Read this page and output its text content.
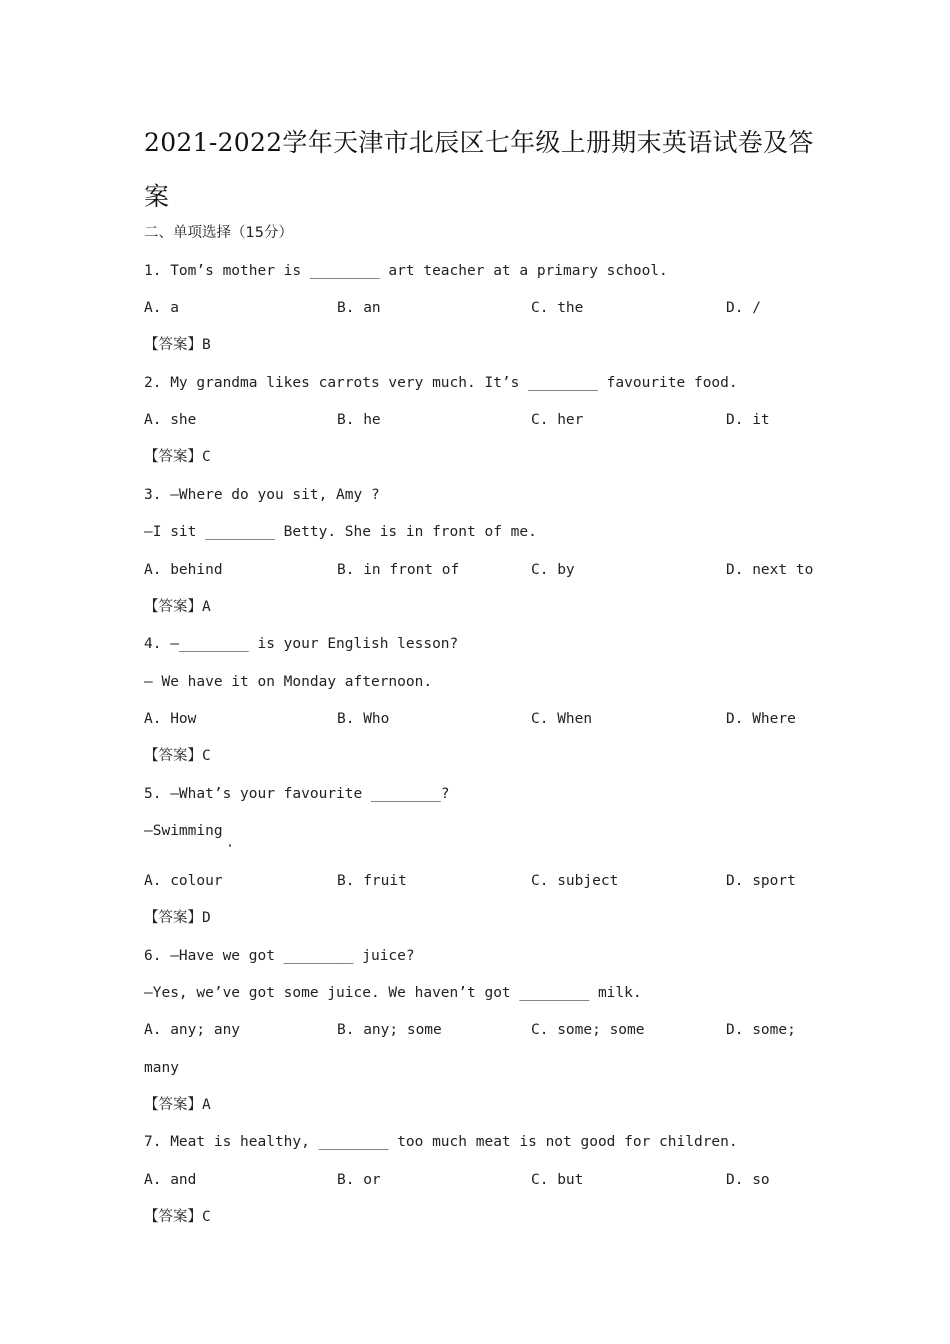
2021-2022学年天津市北辰区七年级上册期末英语试卷及答案
二、单项选择（15分）
1. Tom’s mother is ________ art teacher at a primary school.
A. a	B. an	C. the	D. /
【答案】B
2. My grandma likes carrots very much. It’s ________ favourite food.
A. she	B. he	C. her	D. it
【答案】C
3. —Where do you sit, Amy ?
—I sit ________ Betty. She is in front of me.
A. behind	B. in front of	C. by	D. next to
【答案】A
4. —________ is your English lesson?
— We have it on Monday afternoon.
A. How	B. Who	C. When	D. Where
【答案】C
5. —What’s your favourite ________?
—Swimming
A. colour	B. fruit	C. subject	D. sport
【答案】D
6. —Have we got ________ juice?
—Yes, we’ve got some juice. We haven’t got ________ milk.
A. any; any	B. any; some	C. some; some	D. some;
many
【答案】A
7. Meat is healthy, ________ too much meat is not good for children.
A. and	B. or	C. but	D. so
【答案】C
